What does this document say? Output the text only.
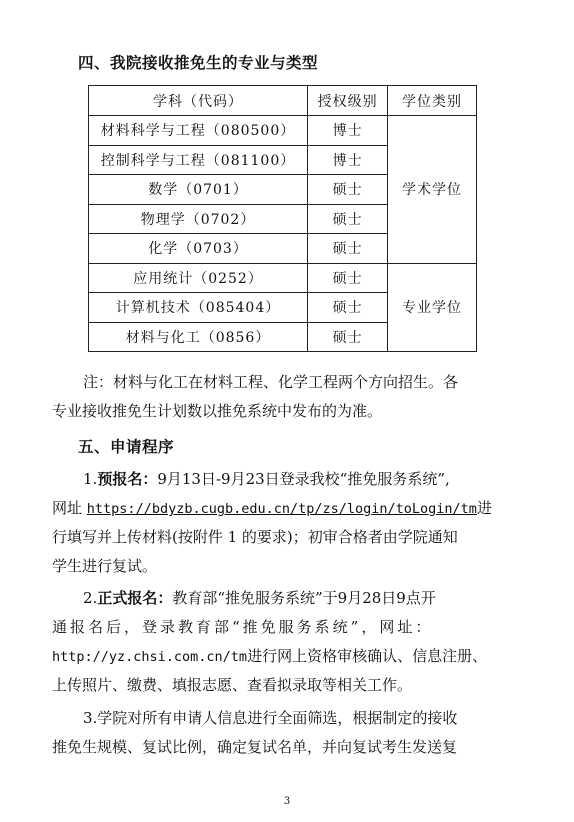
四、我院接收推免生的专业与类型
学科（代码）	授权级别	学位类别
材料科学与工程（080500）	博士	学术学位
控制科学与工程（081100）	博士	
数学（0701）	硕士	
物理学（0702）	硕士	
化学（0703）	硕士	
应用统计（0252）	硕士	专业学位
计算机技术（085404）	硕士	
材料与化工（0856）	硕士	
注：材料与化工在材料工程、化学工程两个方向招生。各
专业接收推免生计划数以推免系统中发布的为准。
五、申请程序
1.预报名：9月13日-9月23日登录我校“推免服务系统”,
网址 https://bdyzb.cugb.edu.cn/tp/zs/login/toLogin/tm进
行填写并上传材料(按附件 1 的要求)；初审合格者由学院通知
学生进行复试。
2.正式报名：教育部“推免服务系统”于9月28日9点开
通报名后，登录教育部“推免服务系统”，网址：
http://yz.chsi.com.cn/tm进行网上资格审核确认、信息注册、
上传照片、缴费、填报志愿、查看拟录取等相关工作。
3.学院对所有申请人信息进行全面筛选，根据制定的接收
推免生规模、复试比例，确定复试名单，并向复试考生发送复
3
